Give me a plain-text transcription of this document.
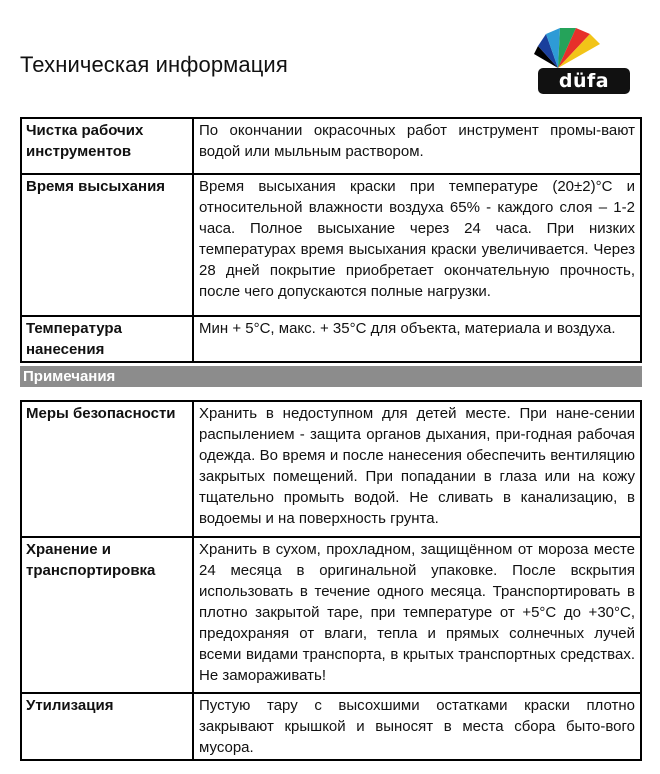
Техническая информация
düfa
Чистка рабочих инструментов	По окончании окрасочных работ инструмент промы-вают водой или мыльным раствором.
Время высыхания	Время высыхания краски при температуре (20±2)°С и относительной влажности воздуха 65% - каждого слоя – 1-2 часа. Полное высыхание через 24 часа. При низких температурах время высыхания краски увеличивается. Через 28 дней покрытие приобретает окончательную прочность, после чего допускаются полные нагрузки.
Температура нанесения	Мин + 5°С, макс. + 35°С для объекта, материала и воздуха.
Примечания
Меры безопасности	Хранить в недоступном для детей месте. При нане-сении распылением - защита органов дыхания, при-годная рабочая одежда. Во время и после нанесения обеспечить вентиляцию закрытых помещений. При попадании в глаза или на кожу тщательно промыть водой. Не сливать в канализацию, в водоемы и на поверхность грунта.
Хранение и транспортировка	Хранить в сухом, прохладном, защищённом от мороза месте 24 месяца в оригинальной упаковке. После вскрытия использовать в течение одного месяца. Транспортировать в плотно закрытой таре, при температуре от +5°С до +30°С, предохраняя от влаги, тепла и прямых солнечных лучей всеми видами транспорта, в крытых транспортных средствах. Не замораживать!
Утилизация	Пустую тару с высохшими остатками краски плотно закрывают крышкой и выносят в места сбора быто-вого мусора.
